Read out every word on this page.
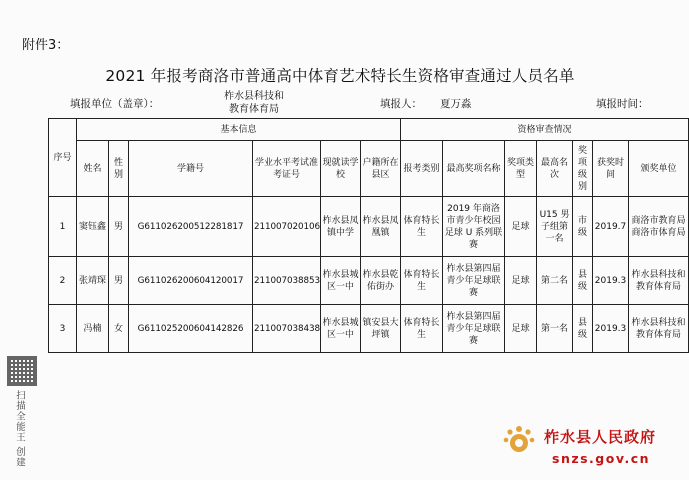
附件3：
2021 年报考商洛市普通高中体育艺术特长生资格审查通过人员名单
填报单位（盖章）：
柞水县科技和
教育体育局	填报人： 夏万淼	填报时间：
序号	基本信息						资格审查情况						
	姓名	性别	学籍号	学业水平考试准考证号	现就读学校	户籍所在县区	报考类别	最高奖项名称	奖项类型	最高名次	奖项级别	获奖时间	颁奖单位
1	窦钰鑫	男	G611026200512281817	211007020106	柞水县凤镇中学	柞水县凤凰镇	体育特长生	2019 年商洛市青少年校园足球 U 系列联赛	足球	U15 男子组第一名	市级	2019.7	商洛市教育局 商洛市体育局
2	张靖琛	男	G611026200604120017	211007038853	柞水县城区一中	柞水县乾佑街办	体育特长生	柞水县第四届青少年足球联赛	足球	第二名	县级	2019.3	柞水县科技和教育体育局
3	冯楠	女	G611025200604142826	211007038438	柞水县城区一中	镇安县大坪镇	体育特长生	柞水县第四届青少年足球联赛	足球	第一名	县级	2019.3	柞水县科技和教育体育局
扫描全能王 创建	柞水县人民政府
snzs.gov.cn
